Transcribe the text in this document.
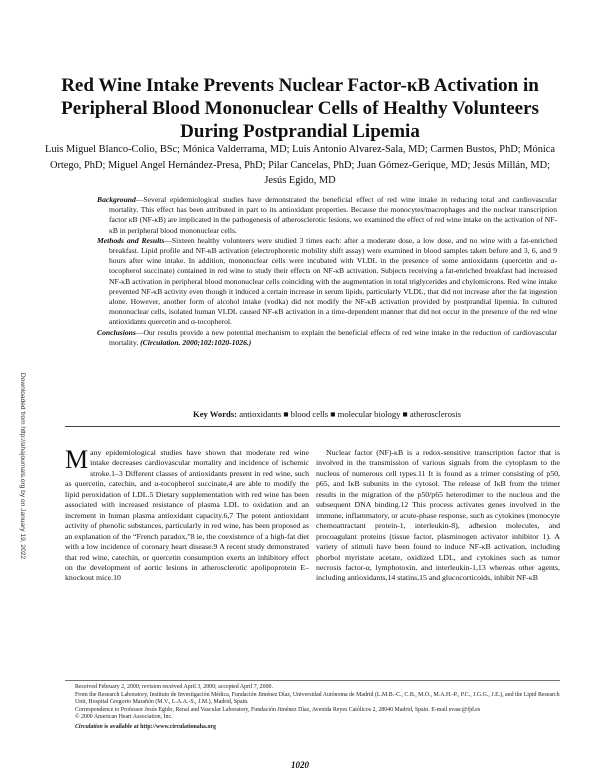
Red Wine Intake Prevents Nuclear Factor-κB Activation in Peripheral Blood Mononuclear Cells of Healthy Volunteers During Postprandial Lipemia
Luis Miguel Blanco-Colio, BSc; Mónica Valderrama, MD; Luis Antonio Alvarez-Sala, MD; Carmen Bustos, PhD; Mónica Ortego, PhD; Miguel Angel Hernández-Presa, PhD; Pilar Cancelas, PhD; Juan Gómez-Gerique, MD; Jesús Millán, MD; Jesús Egido, MD

Background—Several epidemiological studies have demonstrated the beneficial effect of red wine intake in reducing total and cardiovascular mortality. This effect has been attributed in part to its antioxidant properties. Because the monocytes/macrophages and the nuclear transcription factor κB (NF-κB) are implicated in the pathogenesis of atherosclerotic lesions, we examined the effect of red wine intake on the activation of NF-κB in peripheral blood mononuclear cells.

Methods and Results—Sixteen healthy volunteers were studied 3 times each: after a moderate dose, a low dose, and no wine with a fat-enriched breakfast. Lipid profile and NF-κB activation (electrophoretic mobility shift assay) were examined in blood samples taken before and 3, 6, and 9 hours after wine intake. In addition, mononuclear cells were incubated with VLDL in the presence of some antioxidants (quercetin and α-tocopherol succinate) contained in red wine to study their effects on NF-κB activation. Subjects receiving a fat-enriched breakfast had increased NF-κB activation in peripheral blood mononuclear cells coinciding with the augmentation in total triglycerides and chylomicrons. Red wine intake prevented NF-κB activity even though it induced a certain increase in serum lipids, particularly VLDL, that did not increase after the fat ingestion alone. However, another form of alcohol intake (vodka) did not modify the NF-κB activation provided by postprandial lipemia. In cultured mononuclear cells, isolated human VLDL caused NF-κB activation in a time-dependent manner that did not occur in the presence of the red wine antioxidants quercetin and α-tocopherol.

Conclusions—Our results provide a new potential mechanism to explain the beneficial effects of red wine intake in the reduction of cardiovascular mortality. (Circulation. 2000;102:1020-1026.)

Key Words: antioxidants ■ blood cells ■ molecular biology ■ atherosclerosis
Downloaded from http://ahajournals.org by on January 19, 2022 Many epidemiological studies have shown that moderate red wine intake decreases cardiovascular mortality and incidence of ischemic stroke.1–3 Different classes of antioxidants present in red wine, such as quercetin, catechin, and α-tocopherol succinate,4 are able to modify the lipid peroxidation of LDL.5 Dietary supplementation with red wine has been associated with increased resistance of plasma LDL to oxidation and an increment in human plasma antioxidant capacity.6,7 The potent antioxidant activity of phenolic substances, particularly in red wine, has been proposed as an explanation of the “French paradox,”8 ie, the coexistence of a high-fat diet with a low incidence of coronary heart disease.9 A recent study demonstrated that red wine, catechin, or quercetin consumption exerts an inhibitory effect on the development of aortic lesions in atherosclerotic apolipoprotein E–knockout mice.10
Nuclear factor (NF)-κB is a redox-sensitive transcription factor that is involved in the transmission of various signals from the cytoplasm to the nucleus of numerous cell types.11 It is found as a trimer consisting of p50, p65, and IκB subunits in the cytosol. The release of IκB from the trimer results in the migration of the p50/p65 heterodimer to the nucleus and the subsequent DNA binding.12 This process activates genes involved in the immune, inflammatory, or acute-phase response, such as cytokines (monocyte chemoattractant protein-1, interleukin-8), adhesion molecules, and procoagulant proteins (tissue factor, plasminogen activator inhibitor 1). A variety of stimuli have been found to induce NF-κB activation, including phorbol myristate acetate, oxidized LDL, and cytokines such as tumor necrosis factor-α, lymphotoxin, and interleukin-1,13 whereas other agents, including antioxidants,14 statins,15 and glucocorticoids, inhibit NF-κB
Received February 2, 2000; revision received April 3, 2000; accepted April 7, 2000.
From the Research Laboratory, Instituto de Investigación Médica, Fundación Jiménez Díaz, Universidad Autónoma de Madrid (L.M.B.-C., C.B., M.O., M.A.H.-P., P.C., J.G.G., J.E.), and the Lipid Research Unit, Hospital Gregorio Marañón (M.V., L.A.A.-S., J.M.), Madrid, Spain.
Correspondence to Professor Jesús Egido, Renal and Vascular Laboratory, Fundación Jiménez Díaz, Avenida Reyes Católicos 2, 28040 Madrid, Spain. E-mail evasc@fjd.es
© 2000 American Heart Association, Inc.
Circulation is available at http://www.circulationaha.org
1020
